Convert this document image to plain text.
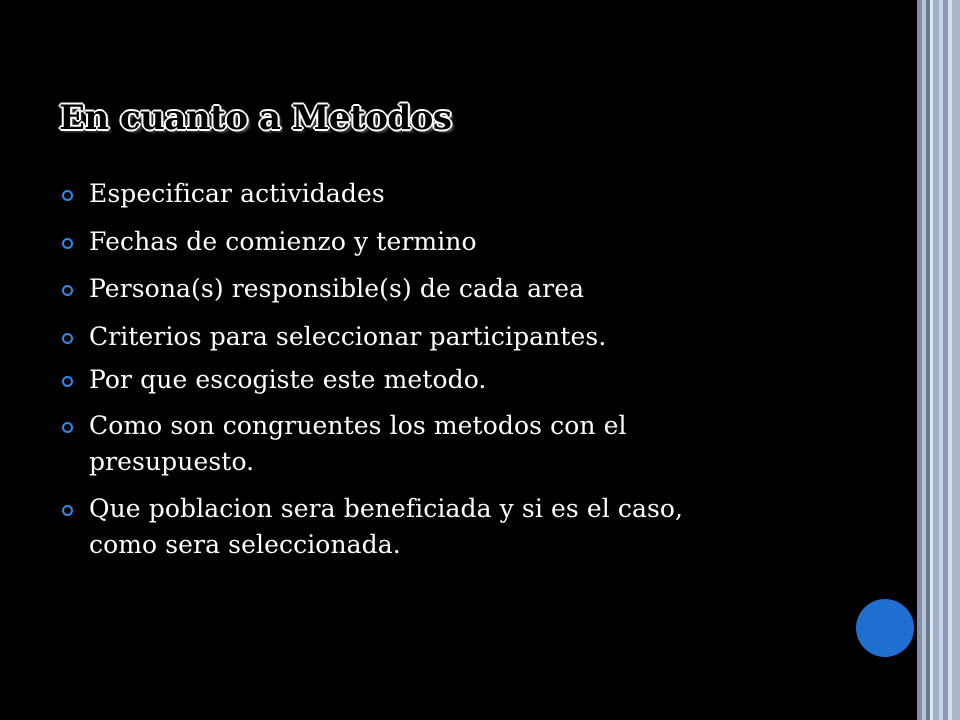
En cuanto a Metodos
Especificar actividades
Fechas de comienzo y termino
Persona(s) responsible(s) de cada area
Criterios para seleccionar participantes.
Por que escogiste este metodo.
Como son congruentes los metodos con el
presupuesto.
Que poblacion sera beneficiada y si es el caso,
como sera seleccionada.
